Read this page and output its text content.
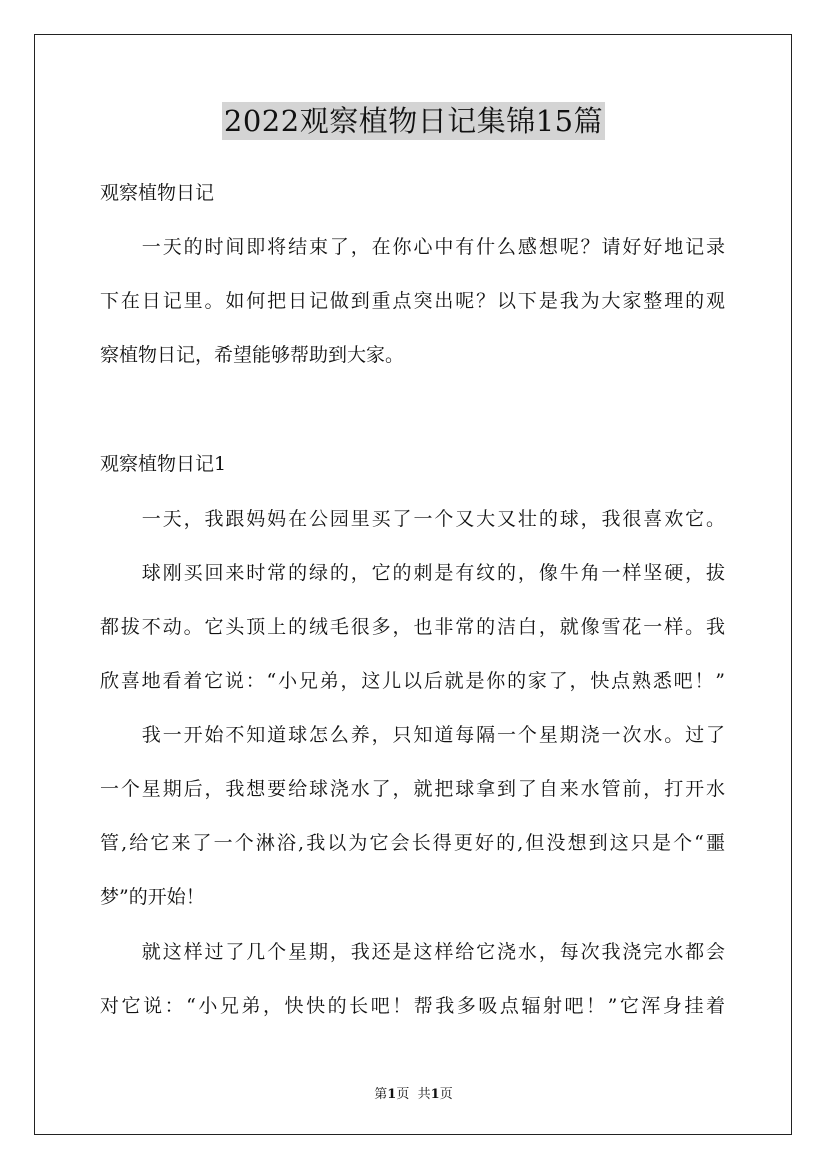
2022观察植物日记集锦15篇
观察植物日记
　　一天的时间即将结束了，在你心中有什么感想呢？请好好地记录
下在日记里。如何把日记做到重点突出呢？以下是我为大家整理的观
察植物日记，希望能够帮助到大家。
观察植物日记1
　　一天，我跟妈妈在公园里买了一个又大又壮的球，我很喜欢它。
　　球刚买回来时常的绿的，它的刺是有纹的，像牛角一样坚硬，拔
都拔不动。它头顶上的绒毛很多，也非常的洁白，就像雪花一样。我
欣喜地看着它说：“小兄弟，这儿以后就是你的家了，快点熟悉吧！”
　　我一开始不知道球怎么养，只知道每隔一个星期浇一次水。过了
一个星期后，我想要给球浇水了，就把球拿到了自来水管前，打开水
管,给它来了一个淋浴,我以为它会长得更好的,但没想到这只是个“噩
梦”的开始！
　　就这样过了几个星期，我还是这样给它浇水，每次我浇完水都会
对它说：“小兄弟，快快的长吧！帮我多吸点辐射吧！”它浑身挂着
第1页 共1页
